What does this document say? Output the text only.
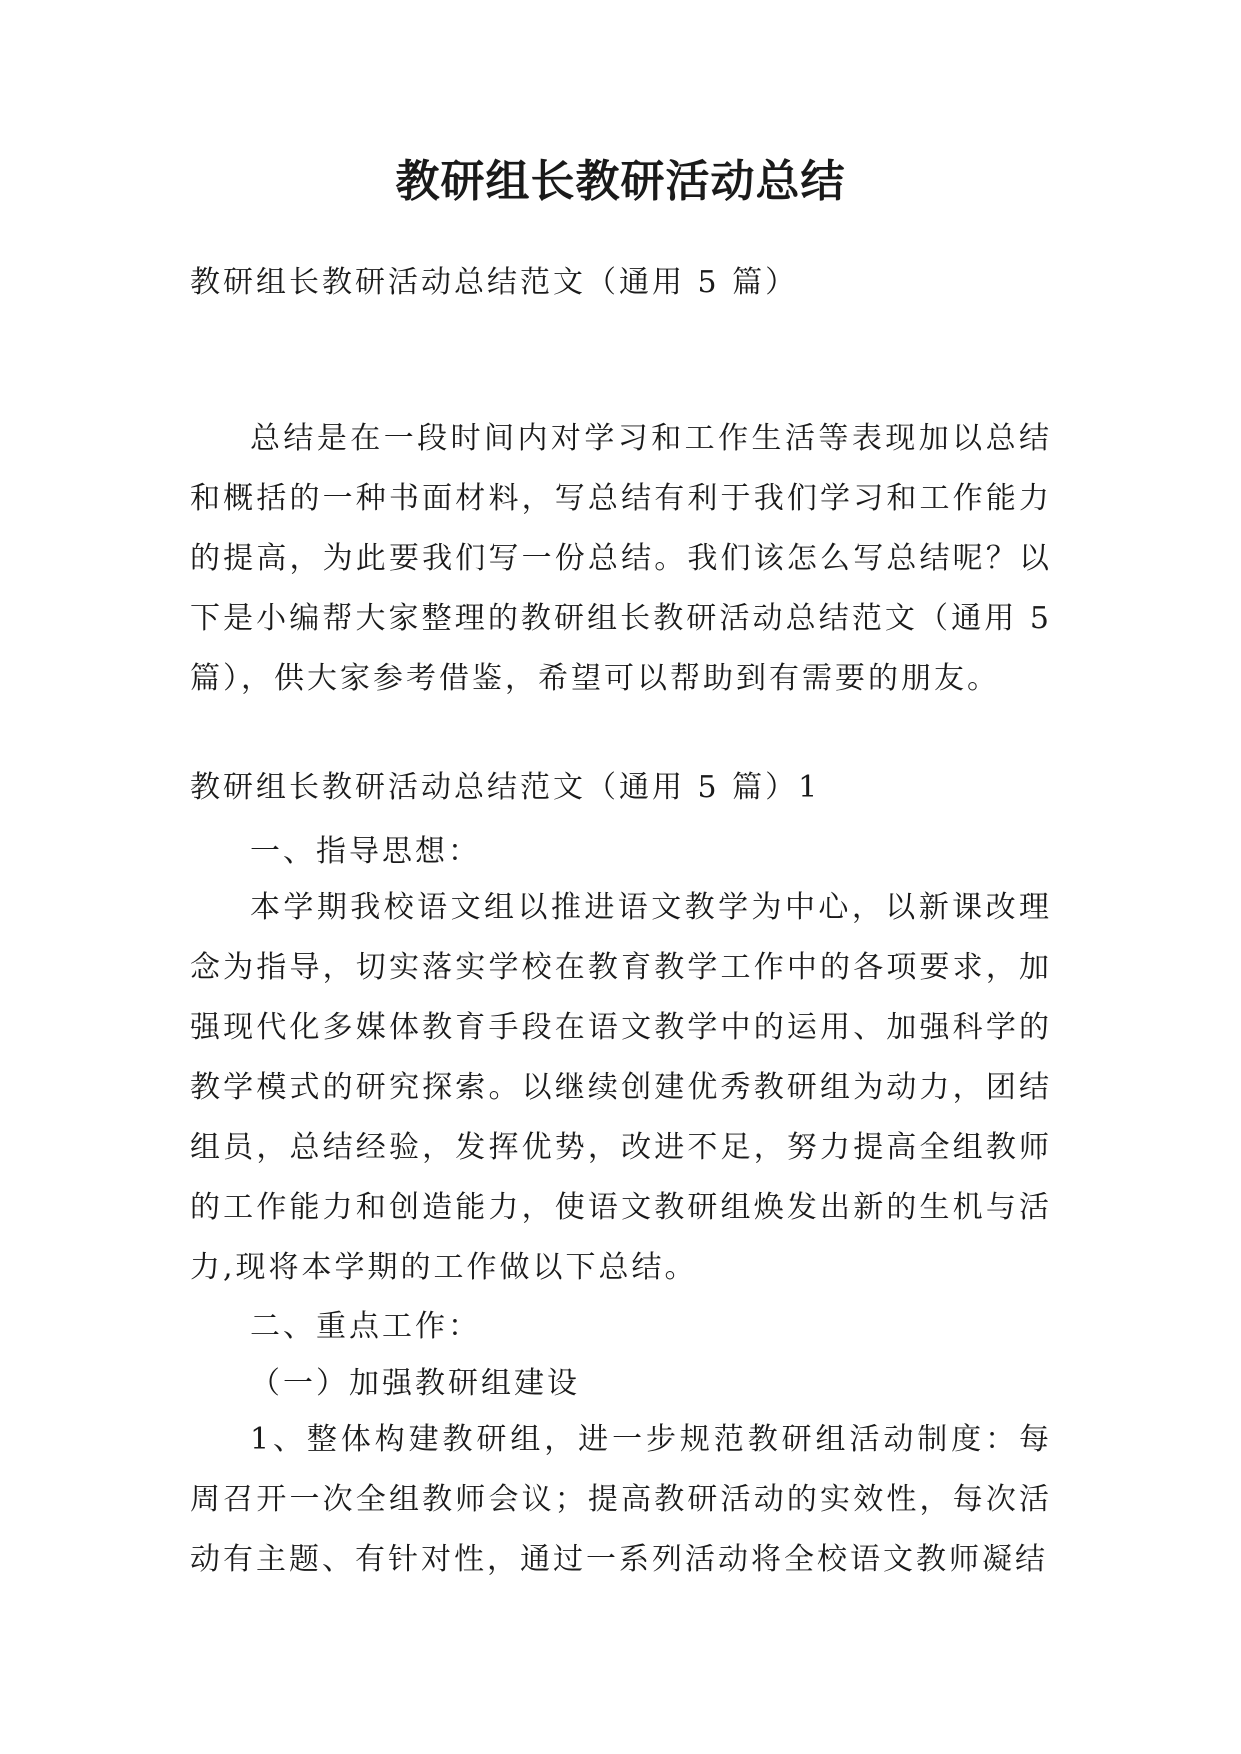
教研组长教研活动总结

教研组长教研活动总结范文（通用 5 篇）

总结是在一段时间内对学习和工作生活等表现加以总结和概括的一种书面材料，写总结有利于我们学习和工作能力的提高，为此要我们写一份总结。我们该怎么写总结呢？以下是小编帮大家整理的教研组长教研活动总结范文（通用 5 篇），供大家参考借鉴，希望可以帮助到有需要的朋友。

教研组长教研活动总结范文（通用 5 篇）1

一、指导思想：

本学期我校语文组以推进语文教学为中心，以新课改理念为指导，切实落实学校在教育教学工作中的各项要求，加强现代化多媒体教育手段在语文教学中的运用、加强科学的教学模式的研究探索。以继续创建优秀教研组为动力，团结组员，总结经验，发挥优势，改进不足，努力提高全组教师的工作能力和创造能力，使语文教研组焕发出新的生机与活力,现将本学期的工作做以下总结。

二、重点工作：

（一）加强教研组建设

1、整体构建教研组，进一步规范教研组活动制度：每周召开一次全组教师会议；提高教研活动的实效性，每次活动有主题、有针对性，通过一系列活动将全校语文教师凝结
